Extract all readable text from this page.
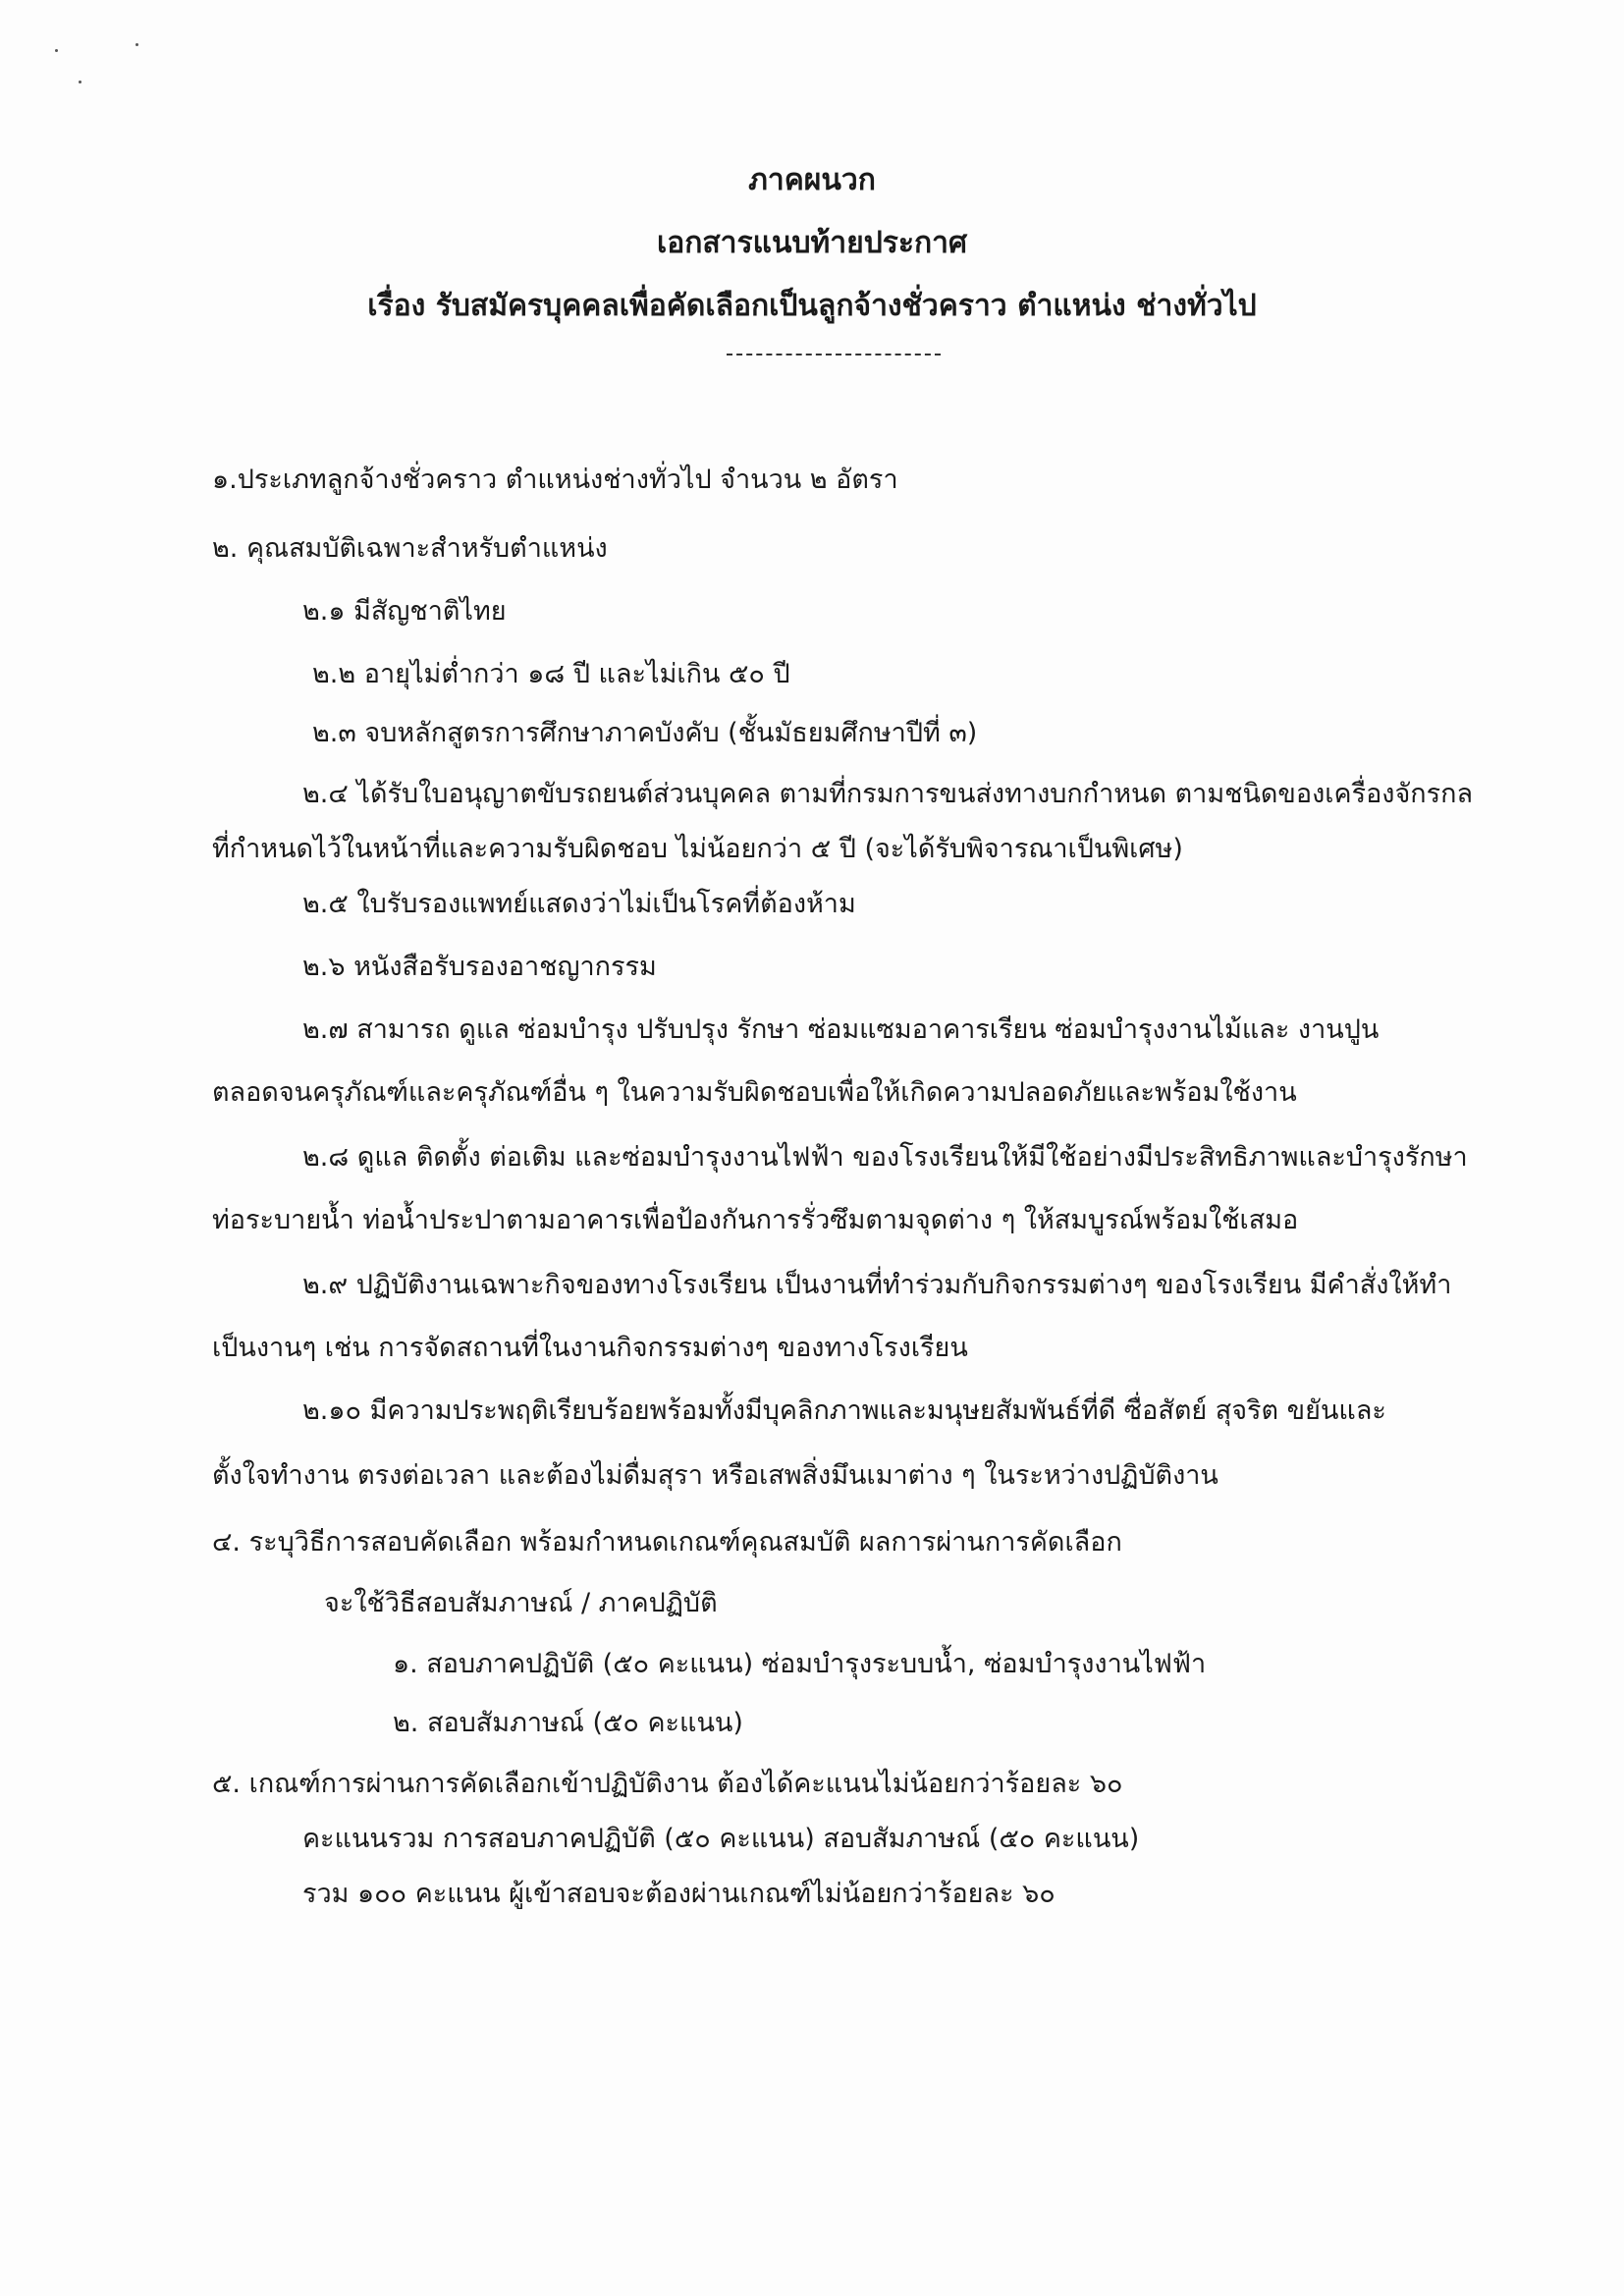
ภาคผนวก
เอกสารแนบท้ายประกาศ
เรื่อง รับสมัครบุคคลเพื่อคัดเลือกเป็นลูกจ้างชั่วคราว ตำแหน่ง ช่างทั่วไป
๑.ประเภทลูกจ้างชั่วคราว ตำแหน่งช่างทั่วไป จำนวน ๒ อัตรา
๒. คุณสมบัติเฉพาะสำหรับตำแหน่ง
๒.๑ มีสัญชาติไทย
๒.๒ อายุไม่ต่ำกว่า ๑๘ ปี และไม่เกิน ๕๐ ปี
๒.๓ จบหลักสูตรการศึกษาภาคบังคับ (ชั้นมัธยมศึกษาปีที่ ๓)
๒.๔ ได้รับใบอนุญาตขับรถยนต์ส่วนบุคคล ตามที่กรมการขนส่งทางบกกำหนด ตามชนิดของเครื่องจักรกล
ที่กำหนดไว้ในหน้าที่และความรับผิดชอบ ไม่น้อยกว่า ๕ ปี (จะได้รับพิจารณาเป็นพิเศษ)
๒.๕ ใบรับรองแพทย์แสดงว่าไม่เป็นโรคที่ต้องห้าม
๒.๖ หนังสือรับรองอาชญากรรม
๒.๗ สามารถ ดูแล ซ่อมบำรุง ปรับปรุง รักษา ซ่อมแซมอาคารเรียน ซ่อมบำรุงงานไม้และ งานปูน
ตลอดจนครุภัณฑ์และครุภัณฑ์อื่น ๆ ในความรับผิดชอบเพื่อให้เกิดความปลอดภัยและพร้อมใช้งาน
๒.๘ ดูแล ติดตั้ง ต่อเติม และซ่อมบำรุงงานไฟฟ้า ของโรงเรียนให้มีใช้อย่างมีประสิทธิภาพและบำรุงรักษา
ท่อระบายน้ำ ท่อน้ำประปาตามอาคารเพื่อป้องกันการรั่วซึมตามจุดต่าง ๆ ให้สมบูรณ์พร้อมใช้เสมอ
๒.๙ ปฏิบัติงานเฉพาะกิจของทางโรงเรียน เป็นงานที่ทำร่วมกับกิจกรรมต่างๆ ของโรงเรียน มีคำสั่งให้ทำ
เป็นงานๆ เช่น การจัดสถานที่ในงานกิจกรรมต่างๆ ของทางโรงเรียน
๒.๑๐ มีความประพฤติเรียบร้อยพร้อมทั้งมีบุคลิกภาพและมนุษยสัมพันธ์ที่ดี ซื่อสัตย์ สุจริต ขยันและ
ตั้งใจทำงาน ตรงต่อเวลา และต้องไม่ดื่มสุรา หรือเสพสิ่งมึนเมาต่าง ๆ ในระหว่างปฏิบัติงาน
๔. ระบุวิธีการสอบคัดเลือก พร้อมกำหนดเกณฑ์คุณสมบัติ ผลการผ่านการคัดเลือก
จะใช้วิธีสอบสัมภาษณ์ / ภาคปฏิบัติ
๑. สอบภาคปฏิบัติ (๕๐ คะแนน) ซ่อมบำรุงระบบน้ำ, ซ่อมบำรุงงานไฟฟ้า
๒. สอบสัมภาษณ์ (๕๐ คะแนน)
๕. เกณฑ์การผ่านการคัดเลือกเข้าปฏิบัติงาน ต้องได้คะแนนไม่น้อยกว่าร้อยละ ๖๐
คะแนนรวม การสอบภาคปฏิบัติ (๕๐ คะแนน) สอบสัมภาษณ์ (๕๐ คะแนน)
รวม ๑๐๐ คะแนน ผู้เข้าสอบจะต้องผ่านเกณฑ์ไม่น้อยกว่าร้อยละ ๖๐
